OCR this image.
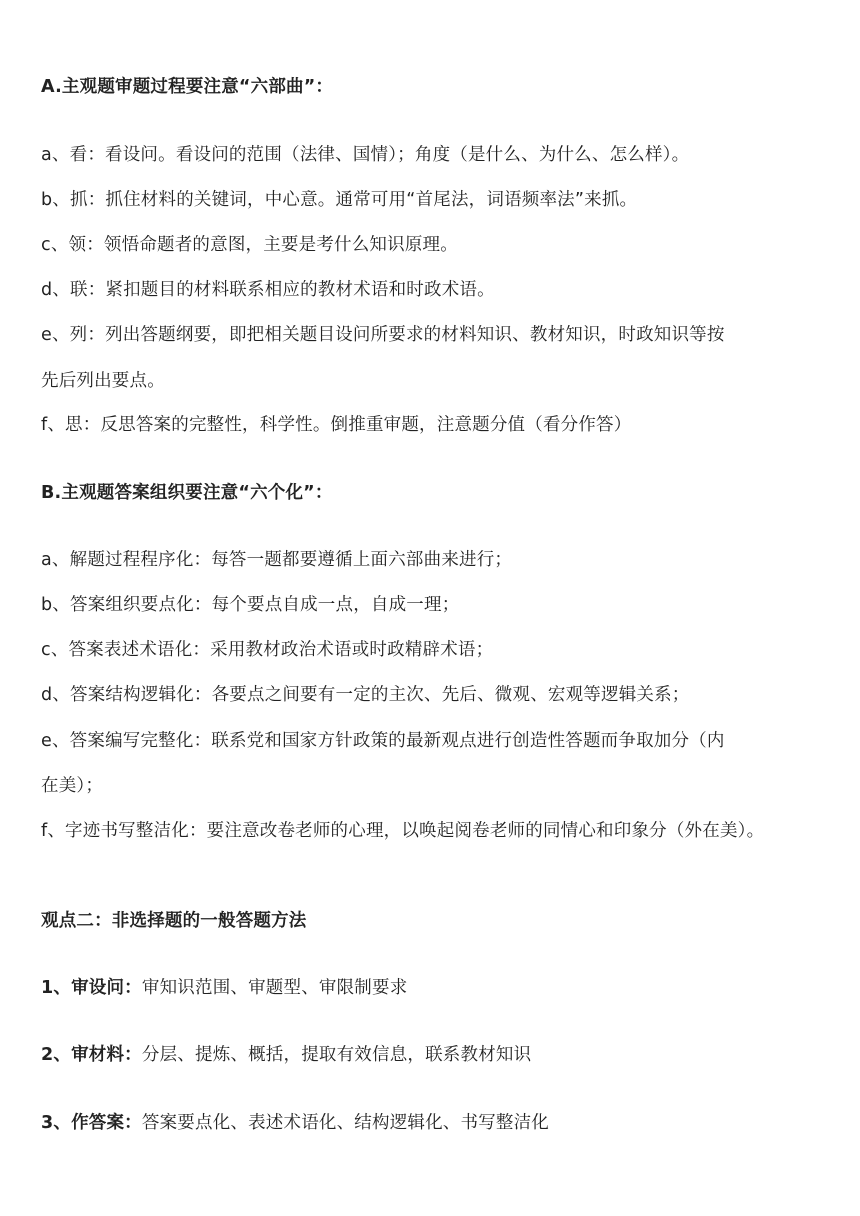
A.主观题审题过程要注意“六部曲”：
a、看：看设问。看设问的范围（法律、国情）；角度（是什么、为什么、怎么样）。
b、抓：抓住材料的关键词，中心意。通常可用“首尾法，词语频率法”来抓。
c、领：领悟命题者的意图，主要是考什么知识原理。
d、联：紧扣题目的材料联系相应的教材术语和时政术语。
e、列：列出答题纲要，即把相关题目设问所要求的材料知识、教材知识，时政知识等按
先后列出要点。
f、思：反思答案的完整性，科学性。倒推重审题，注意题分值（看分作答）
B.主观题答案组织要注意“六个化”：
a、解题过程程序化：每答一题都要遵循上面六部曲来进行；
b、答案组织要点化：每个要点自成一点，自成一理；
c、答案表述术语化：采用教材政治术语或时政精辟术语；
d、答案结构逻辑化：各要点之间要有一定的主次、先后、微观、宏观等逻辑关系；
e、答案编写完整化：联系党和国家方针政策的最新观点进行创造性答题而争取加分（内
在美）；
f、字迹书写整洁化：要注意改卷老师的心理，以唤起阅卷老师的同情心和印象分（外在美）。
观点二：非选择题的一般答题方法
1、审设问：审知识范围、审题型、审限制要求
2、审材料：分层、提炼、概括，提取有效信息，联系教材知识
3、作答案：答案要点化、表述术语化、结构逻辑化、书写整洁化
